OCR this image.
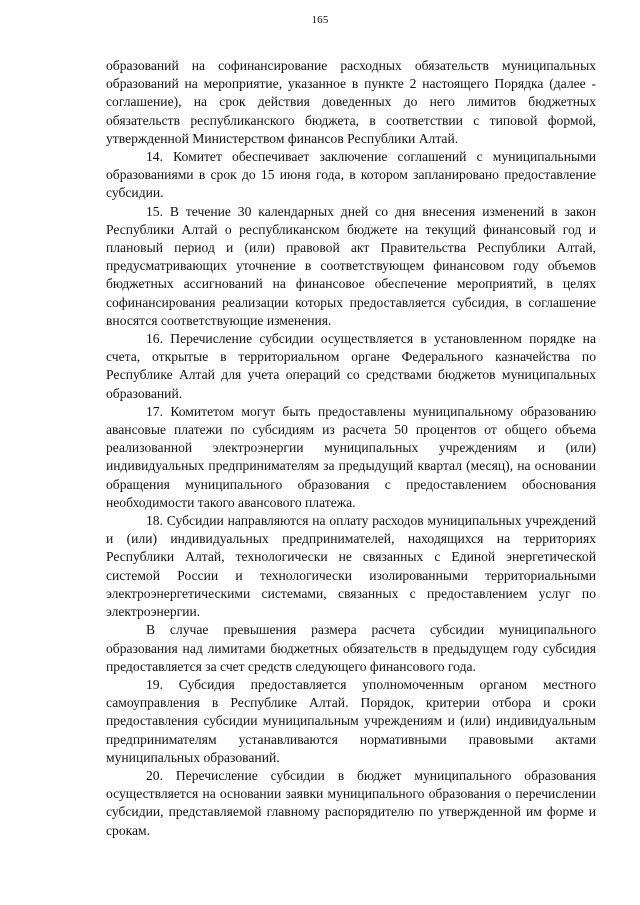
165

образований на софинансирование расходных обязательств муниципальных образований на мероприятие, указанное в пункте 2 настоящего Порядка (далее - соглашение), на срок действия доведенных до него лимитов бюджетных обязательств республиканского бюджета, в соответствии с типовой формой, утвержденной Министерством финансов Республики Алтай.

14. Комитет обеспечивает заключение соглашений с муниципальными образованиями в срок до 15 июня года, в котором запланировано предоставление субсидии.

15. В течение 30 календарных дней со дня внесения изменений в закон Республики Алтай о республиканском бюджете на текущий финансовый год и плановый период и (или) правовой акт Правительства Республики Алтай, предусматривающих уточнение в соответствующем финансовом году объемов бюджетных ассигнований на финансовое обеспечение мероприятий, в целях софинансирования реализации которых предоставляется субсидия, в соглашение вносятся соответствующие изменения.

16. Перечисление субсидии осуществляется в установленном порядке на счета, открытые в территориальном органе Федерального казначейства по Республике Алтай для учета операций со средствами бюджетов муниципальных образований.

17. Комитетом могут быть предоставлены муниципальному образованию авансовые платежи по субсидиям из расчета 50 процентов от общего объема реализованной электроэнергии муниципальных учреждениям и (или) индивидуальных предпринимателям за предыдущий квартал (месяц), на основании обращения муниципального образования с предоставлением обоснования необходимости такого авансового платежа.

18. Субсидии направляются на оплату расходов муниципальных учреждений и (или) индивидуальных предпринимателей, находящихся на территориях Республики Алтай, технологически не связанных с Единой энергетической системой России и технологически изолированными территориальными электроэнергетическими системами, связанных с предоставлением услуг по электроэнергии.

В случае превышения размера расчета субсидии муниципального образования над лимитами бюджетных обязательств в предыдущем году субсидия предоставляется за счет средств следующего финансового года.

19. Субсидия предоставляется уполномоченным органом местного самоуправления в Республике Алтай. Порядок, критерии отбора и сроки предоставления субсидии муниципальным учреждениям и (или) индивидуальным предпринимателям устанавливаются нормативными правовыми актами муниципальных образований.

20. Перечисление субсидии в бюджет муниципального образования осуществляется на основании заявки муниципального образования о перечислении субсидии, представляемой главному распорядителю по утвержденной им форме и срокам.
